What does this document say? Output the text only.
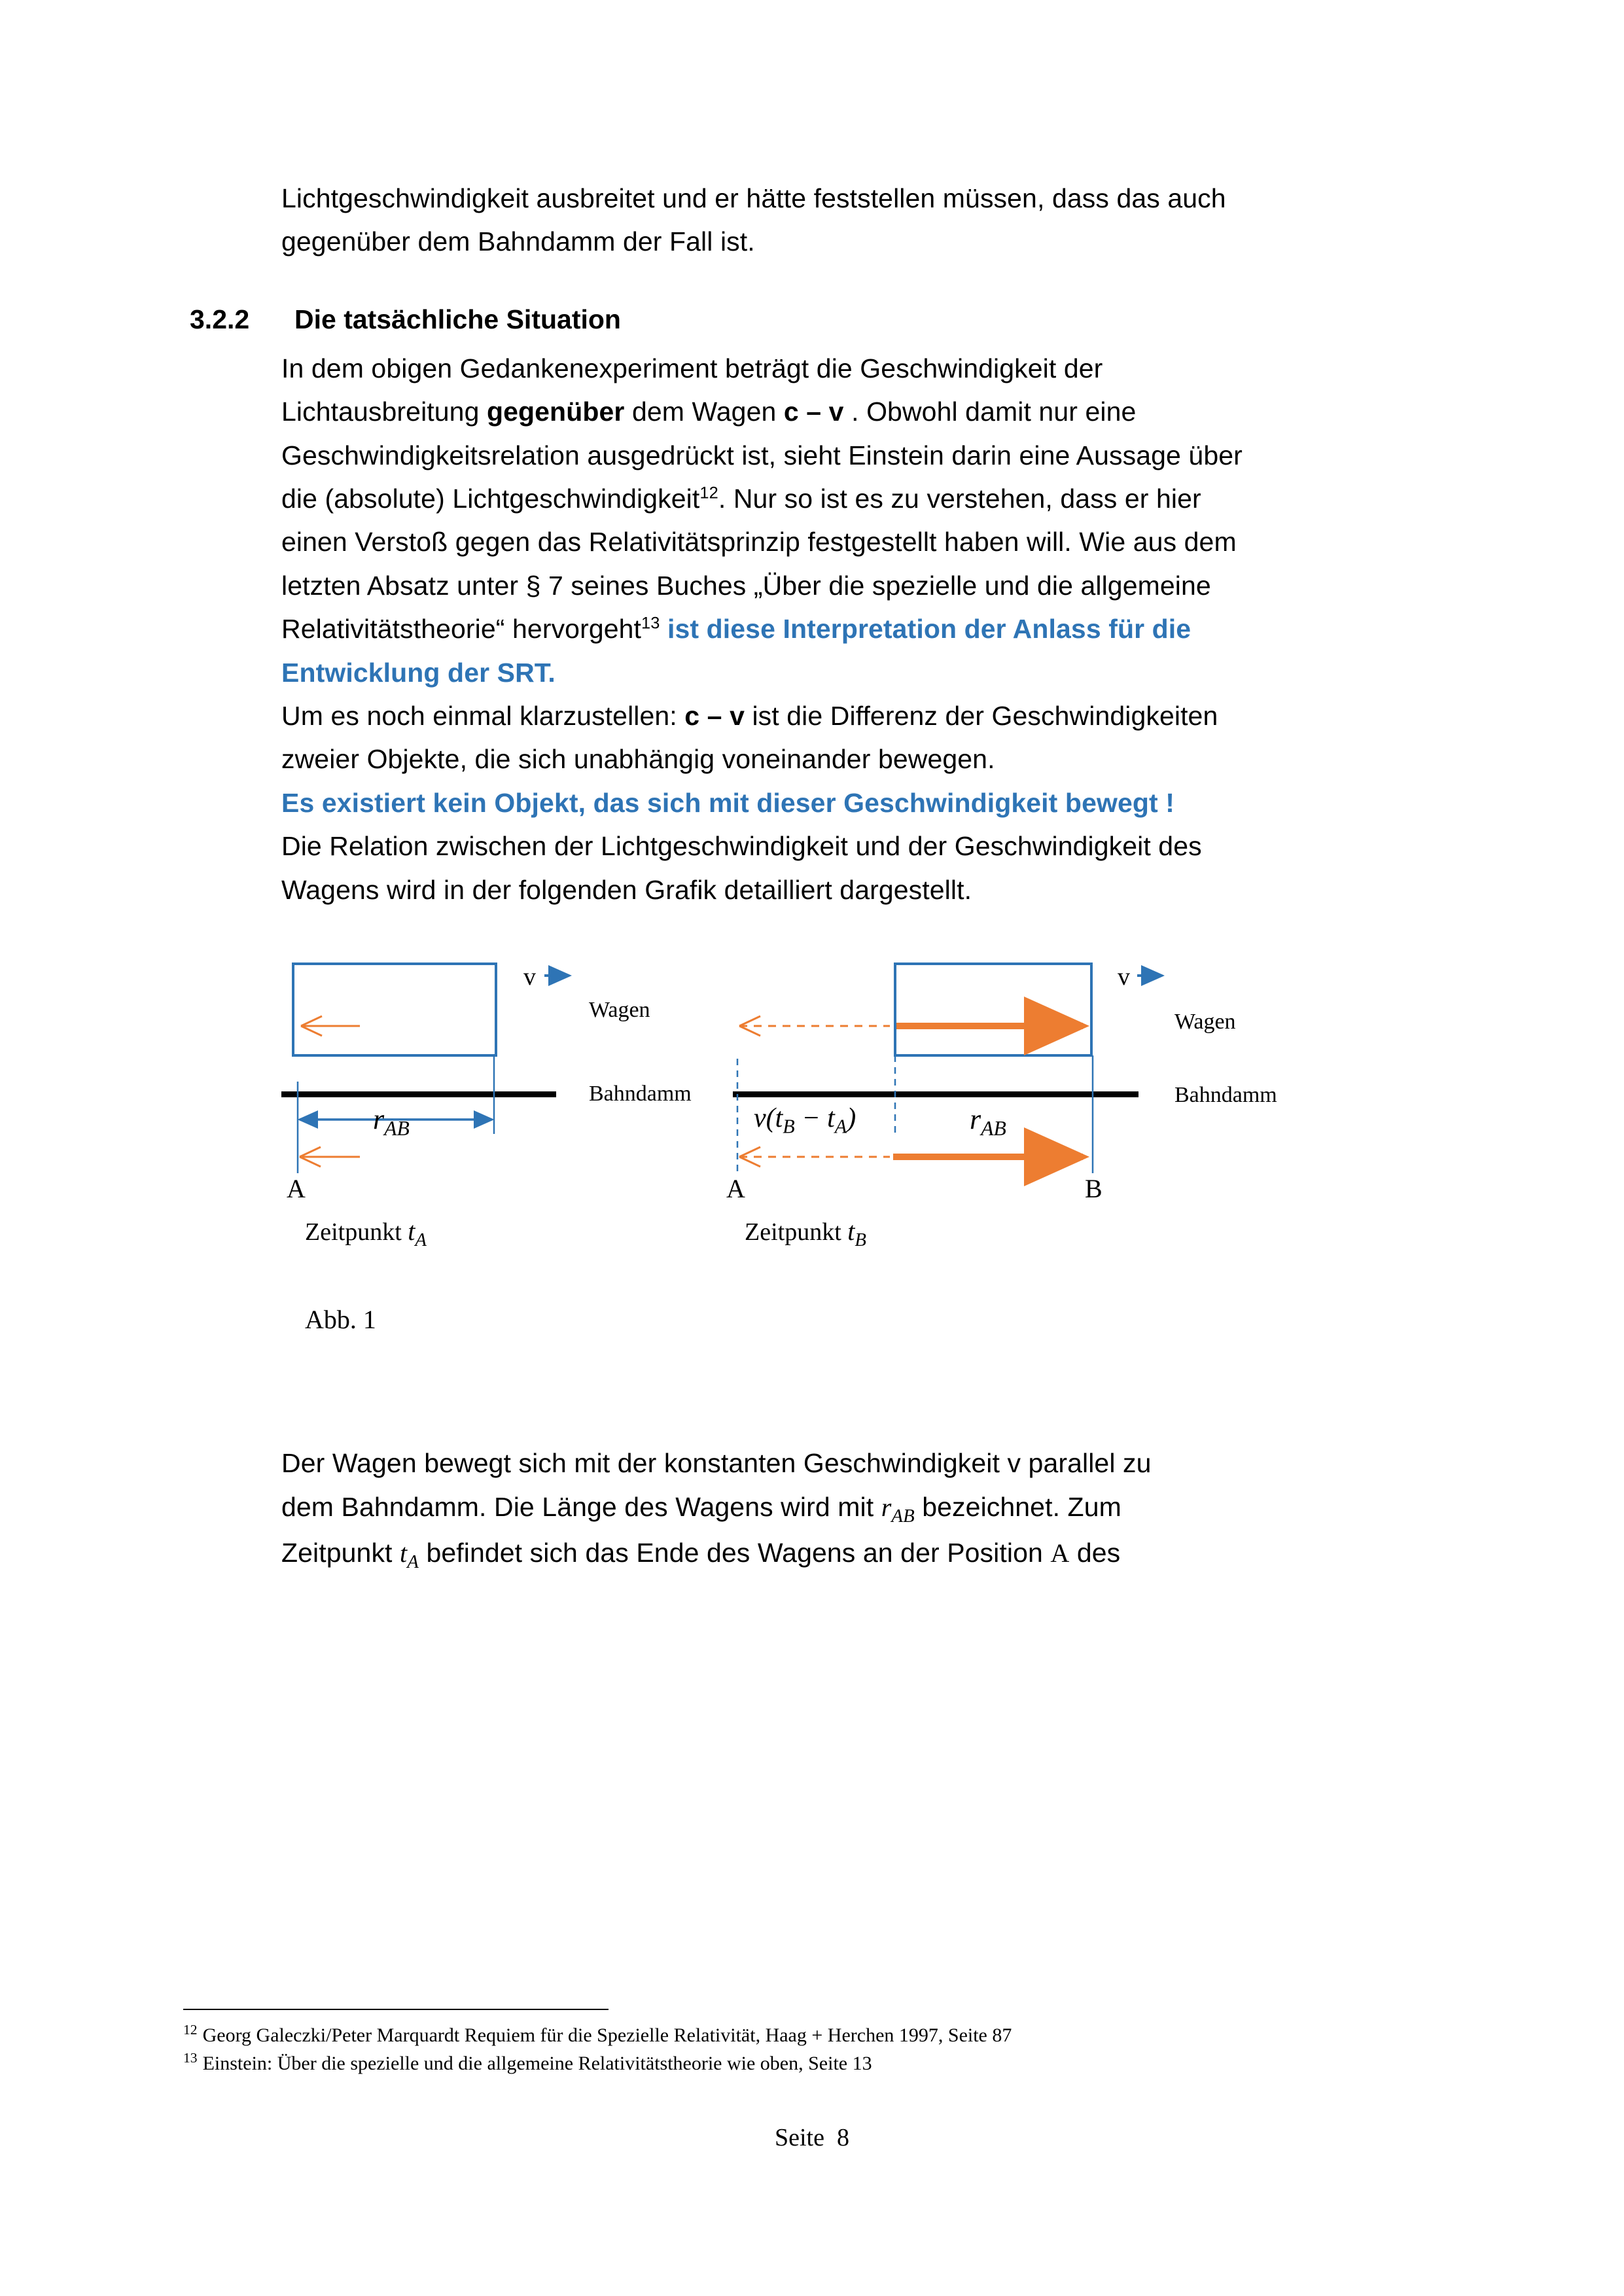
Lichtgeschwindigkeit ausbreitet und er hätte feststellen müssen, dass das auch
gegenüber dem Bahndamm der Fall ist.

3.2.2	Die tatsächliche Situation

In dem obigen Gedankenexperiment beträgt die Geschwindigkeit der
Lichtausbreitung gegenüber dem Wagen c – v . Obwohl damit nur eine
Geschwindigkeitsrelation ausgedrückt ist, sieht Einstein darin eine Aussage über
die (absolute) Lichtgeschwindigkeit$^{12}$. Nur so ist es zu verstehen, dass er hier
einen Verstoß gegen das Relativitätsprinzip festgestellt haben will. Wie aus dem
letzten Absatz unter § 7 seines Buches „Über die spezielle und die allgemeine
Relativitätstheorie“ hervorgeht$^{13}$ ist diese Interpretation der Anlass für die
Entwicklung der SRT.
Um es noch einmal klarzustellen: c – v ist die Differenz der Geschwindigkeiten
zweier Objekte, die sich unabhängig voneinander bewegen.
Es existiert kein Objekt, das sich mit dieser Geschwindigkeit bewegt !
Die Relation zwischen der Lichtgeschwindigkeit und der Geschwindigkeit des
Wagens wird in der folgenden Grafik detailliert dargestellt.

v
Wagen
Bahndamm
$r_{AB}$
A
Zeitpunkt $t_A$
v
Wagen
Bahndamm
$v(t_B - t_A)$	$r_{AB}$
A	B
Zeitpunkt $t_B$
Abb. 1

Der Wagen bewegt sich mit der konstanten Geschwindigkeit v parallel zu
dem Bahndamm. Die Länge des Wagens wird mit $r_{AB}$ bezeichnet. Zum
Zeitpunkt $t_A$ befindet sich das Ende des Wagens an der Position A des

$^{12}$ Georg Galeczki/Peter Marquardt Requiem für die Spezielle Relativität, Haag + Herchen 1997, Seite 87

$^{13}$ Einstein: Über die spezielle und die allgemeine Relativitätstheorie wie oben, Seite 13

Seite 8
